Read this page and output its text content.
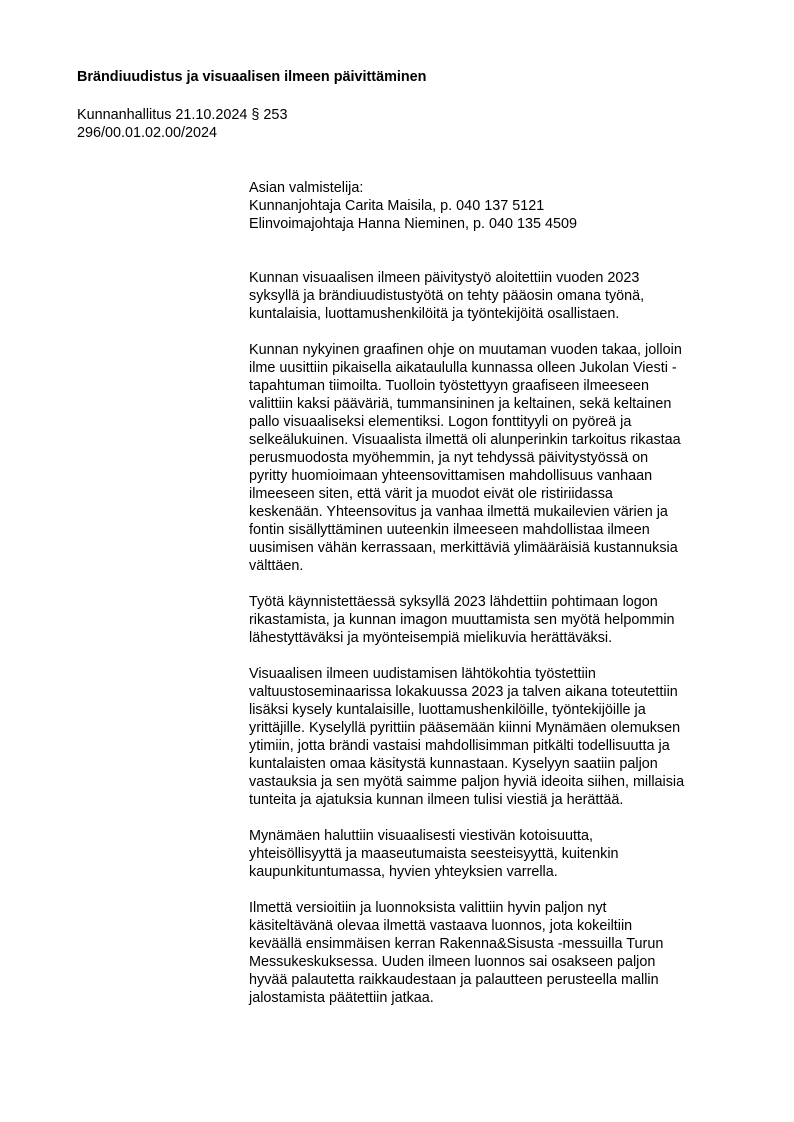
Brändiuudistus ja visuaalisen ilmeen päivittäminen
Kunnanhallitus 21.10.2024 § 253
296/00.01.02.00/2024
Asian valmistelija:
Kunnanjohtaja Carita Maisila, p. 040 137 5121
Elinvoimajohtaja Hanna Nieminen, p. 040 135 4509

Kunnan visuaalisen ilmeen päivitystyö aloitettiin vuoden 2023
syksyllä ja brändiuudistustyötä on tehty pääosin omana työnä,
kuntalaisia, luottamushenkilöitä ja työntekijöitä osallistaen.

Kunnan nykyinen graafinen ohje on muutaman vuoden takaa, jolloin
ilme uusittiin pikaisella aikataululla kunnassa olleen Jukolan Viesti -
tapahtuman tiimoilta. Tuolloin työstettyyn graafiseen ilmeeseen
valittiin kaksi pääväriä, tummansininen ja keltainen, sekä keltainen
pallo visuaaliseksi elementiksi. Logon fonttityyli on pyöreä ja
selkeälukuinen. Visuaalista ilmettä oli alunperinkin tarkoitus rikastaa
perusmuodosta myöhemmin, ja nyt tehdyssä päivitystyössä on
pyritty huomioimaan yhteensovittamisen mahdollisuus vanhaan
ilmeeseen siten, että värit ja muodot eivät ole ristiriidassa
keskenään. Yhteensovitus ja vanhaa ilmettä mukailevien värien ja
fontin sisällyttäminen uuteenkin ilmeeseen mahdollistaa ilmeen
uusimisen vähän kerrassaan, merkittäviä ylimääräisiä kustannuksia
välttäen.

Työtä käynnistettäessä syksyllä 2023 lähdettiin pohtimaan logon
rikastamista, ja kunnan imagon muuttamista sen myötä helpommin
lähestyttäväksi ja myönteisempiä mielikuvia herättäväksi.

Visuaalisen ilmeen uudistamisen lähtökohtia työstettiin
valtuustoseminaarissa lokakuussa 2023 ja talven aikana toteutettiin
lisäksi kysely kuntalaisille, luottamushenkilöille, työntekijöille ja
yrittäjille. Kyselyllä pyrittiin pääsemään kiinni Mynämäen olemuksen
ytimiin, jotta brändi vastaisi mahdollisimman pitkälti todellisuutta ja
kuntalaisten omaa käsitystä kunnastaan. Kyselyyn saatiin paljon
vastauksia ja sen myötä saimme paljon hyviä ideoita siihen, millaisia
tunteita ja ajatuksia kunnan ilmeen tulisi viestiä ja herättää.

Mynämäen haluttiin visuaalisesti viestivän kotoisuutta,
yhteisöllisyyttä ja maaseutumaista seesteisyyttä, kuitenkin
kaupunkituntumassa, hyvien yhteyksien varrella.

Ilmettä versioitiin ja luonnoksista valittiin hyvin paljon nyt
käsiteltävänä olevaa ilmettä vastaava luonnos, jota kokeiltiin
keväällä ensimmäisen kerran Rakenna&Sisusta -messuilla Turun
Messukeskuksessa. Uuden ilmeen luonnos sai osakseen paljon
hyvää palautetta raikkaudestaan ja palautteen perusteella mallin
jalostamista päätettiin jatkaa.
